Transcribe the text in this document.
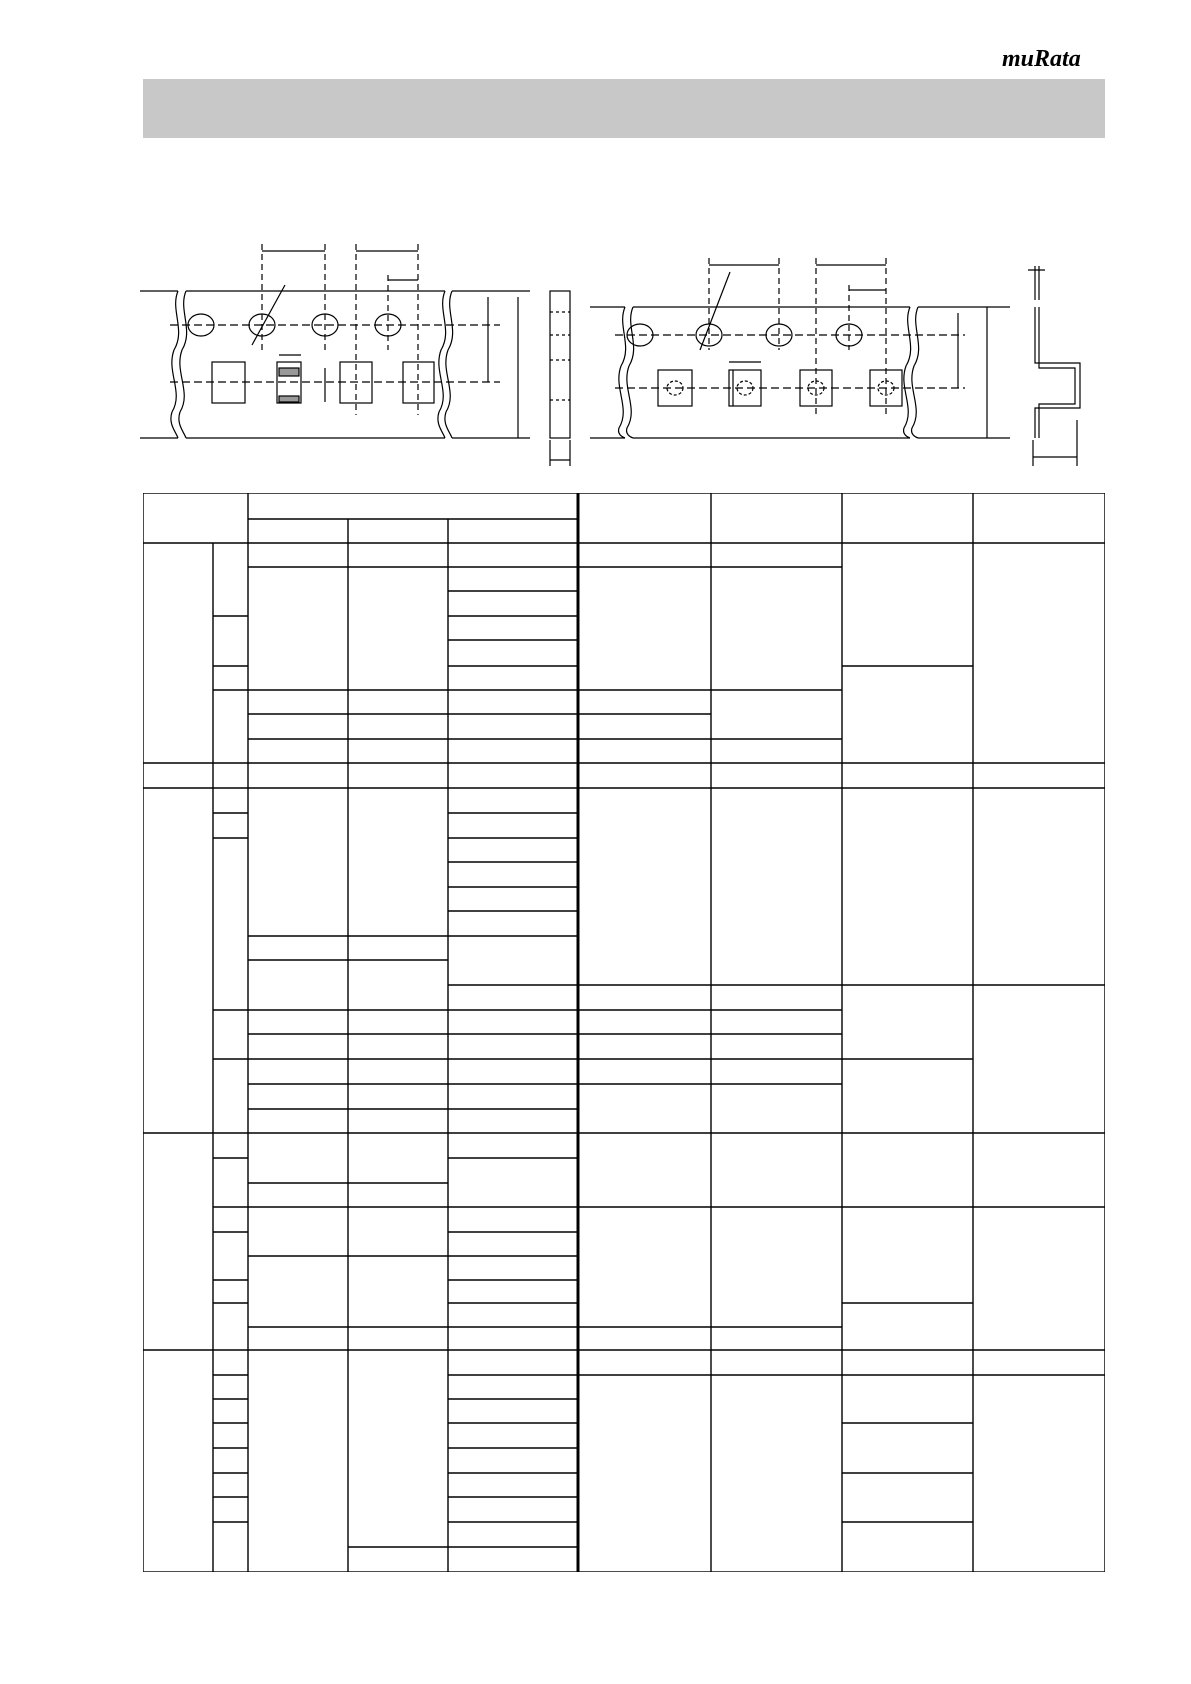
muRata
